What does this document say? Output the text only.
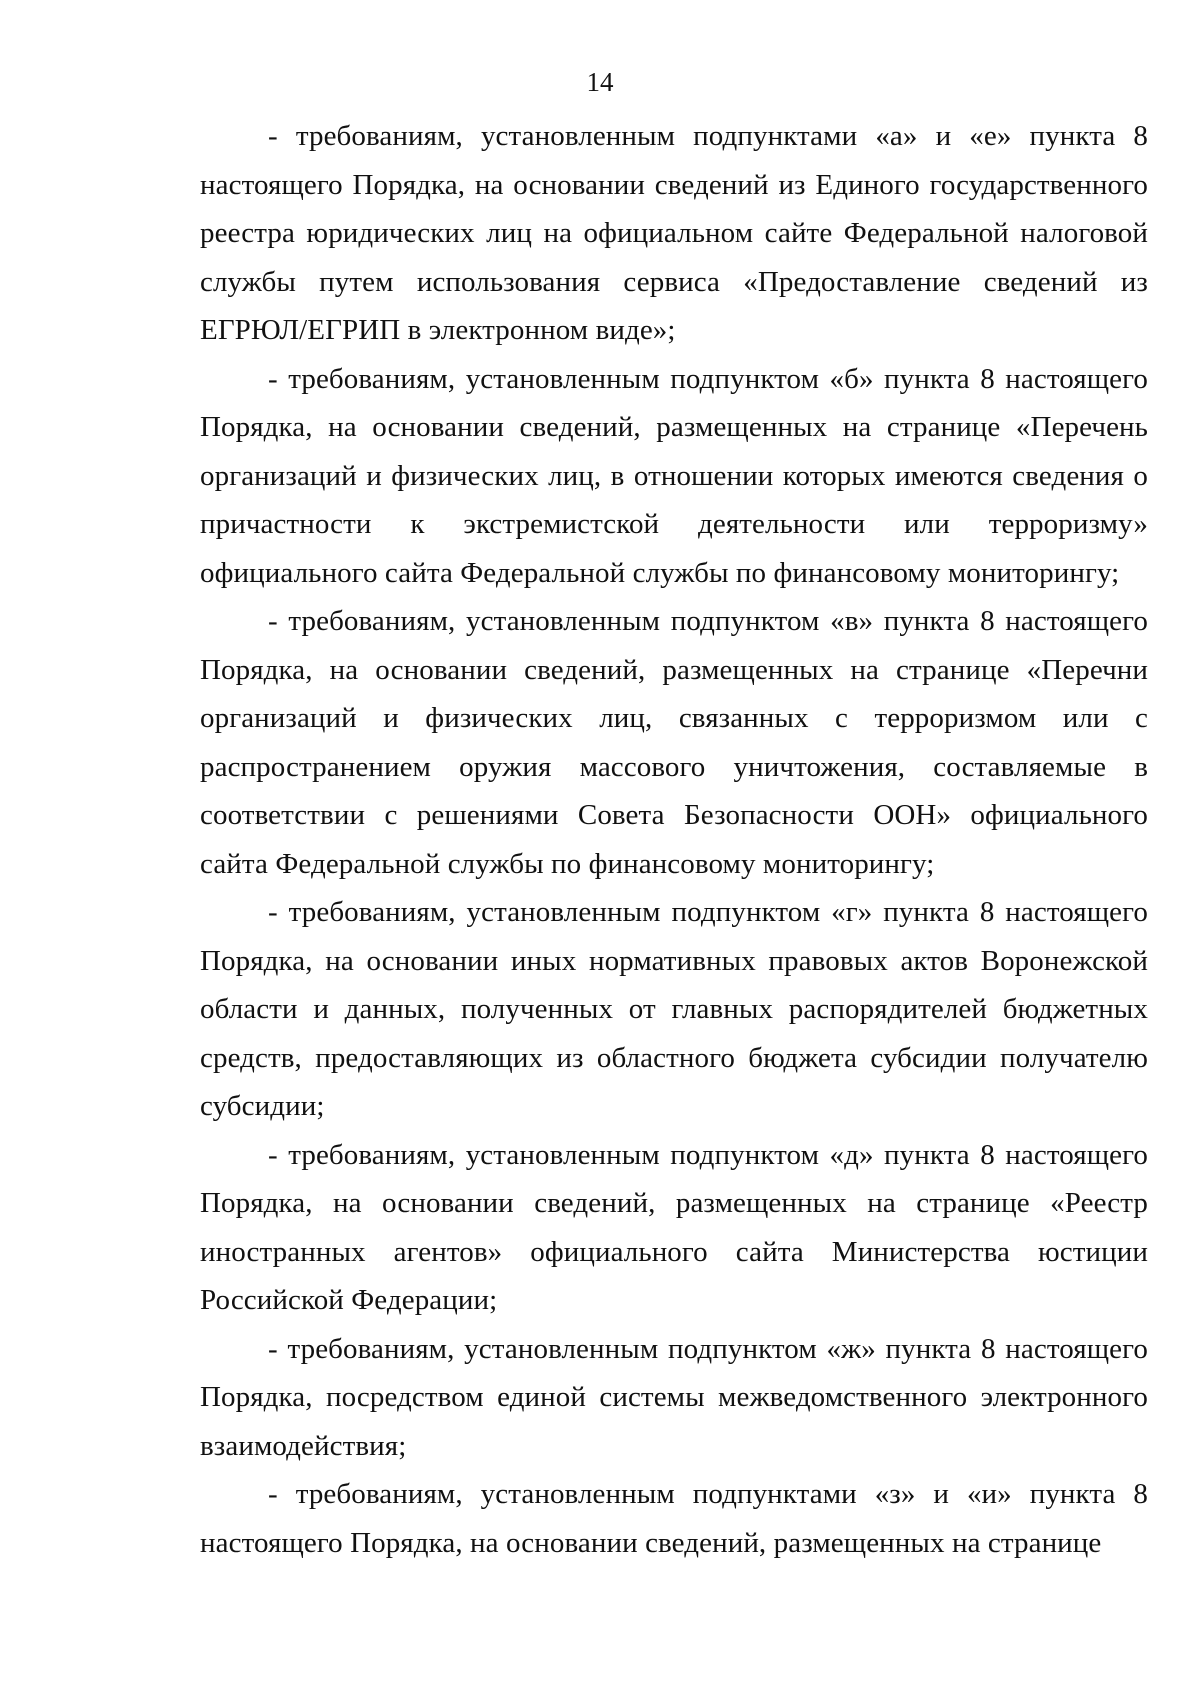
14

- требованиям, установленным подпунктами «а» и «е» пункта 8 настоящего Порядка, на основании сведений из Единого государственного реестра юридических лиц на официальном сайте Федеральной налоговой службы путем использования сервиса «Предоставление сведений из ЕГРЮЛ/ЕГРИП в электронном виде»;

- требованиям, установленным подпунктом «б» пункта 8 настоящего Порядка, на основании сведений, размещенных на странице «Перечень организаций и физических лиц, в отношении которых имеются сведения о причастности к экстремистской деятельности или терроризму» официального сайта Федеральной службы по финансовому мониторингу;

- требованиям, установленным подпунктом «в» пункта 8 настоящего Порядка, на основании сведений, размещенных на странице «Перечни организаций и физических лиц, связанных с терроризмом или с распространением оружия массового уничтожения, составляемые в соответствии с решениями Совета Безопасности ООН» официального сайта Федеральной службы по финансовому мониторингу;

- требованиям, установленным подпунктом «г» пункта 8 настоящего Порядка, на основании иных нормативных правовых актов Воронежской области и данных, полученных от главных распорядителей бюджетных средств, предоставляющих из областного бюджета субсидии получателю субсидии;

- требованиям, установленным подпунктом «д» пункта 8 настоящего Порядка, на основании сведений, размещенных на странице «Реестр иностранных агентов» официального сайта Министерства юстиции Российской Федерации;

- требованиям, установленным подпунктом «ж» пункта 8 настоящего Порядка, посредством единой системы межведомственного электронного взаимодействия;

- требованиям, установленным подпунктами «з» и «и» пункта 8 настоящего Порядка, на основании сведений, размещенных на странице
